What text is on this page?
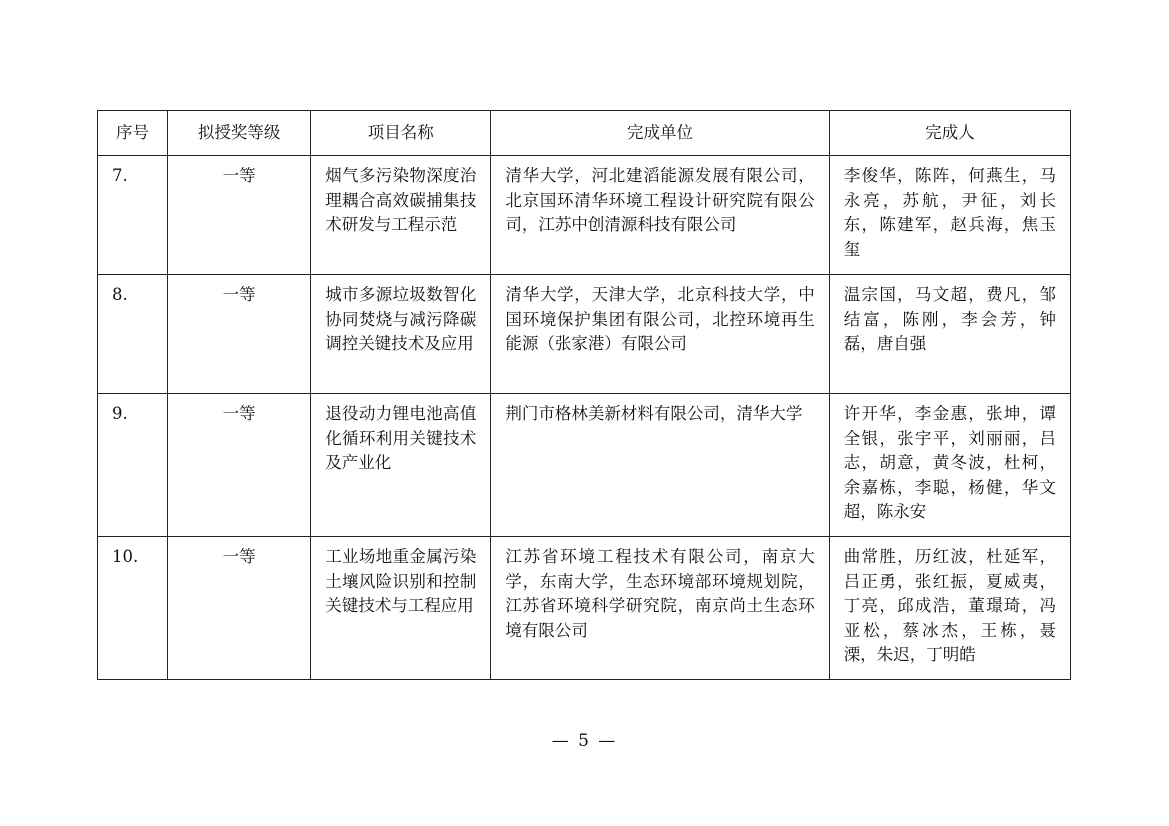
序号	拟授奖等级	项目名称	完成单位	完成人
7.	一等	烟气多污染物深度治理耦合高效碳捕集技术研发与工程示范	清华大学，河北建滔能源发展有限公司，北京国环清华环境工程设计研究院有限公司，江苏中创清源科技有限公司	李俊华，陈阵，何燕生，马永亮，苏航，尹征，刘长东，陈建军，赵兵海，焦玉玺
8.	一等	城市多源垃圾数智化协同焚烧与减污降碳调控关键技术及应用	清华大学，天津大学，北京科技大学，中国环境保护集团有限公司，北控环境再生能源（张家港）有限公司	温宗国，马文超，费凡，邹结富，陈刚，李会芳，钟磊，唐自强
9.	一等	退役动力锂电池高值化循环利用关键技术及产业化	荆门市格林美新材料有限公司，清华大学	许开华，李金惠，张坤，谭全银，张宇平，刘丽丽，吕志，胡意，黄冬波，杜柯，余嘉栋，李聪，杨健，华文超，陈永安
10.	一等	工业场地重金属污染土壤风险识别和控制关键技术与工程应用	江苏省环境工程技术有限公司，南京大学，东南大学，生态环境部环境规划院，江苏省环境科学研究院，南京尚土生态环境有限公司	曲常胜，历红波，杜延军，吕正勇，张红振，夏威夷，丁亮，邱成浩，董璟琦，冯亚松，蔡冰杰，王栋，聂溧，朱迟，丁明皓
— 5 —
